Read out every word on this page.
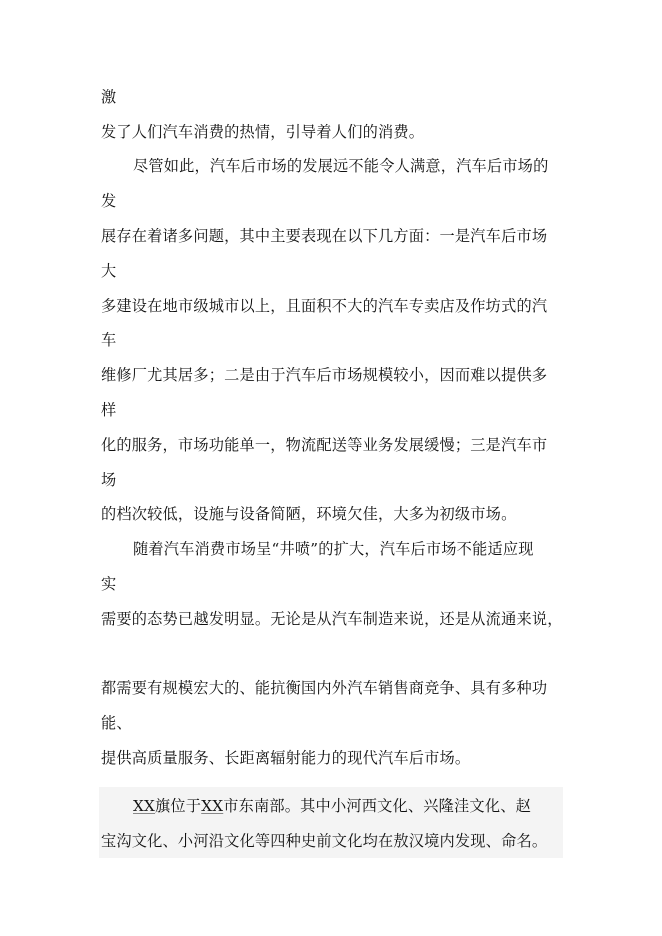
激
发了人们汽车消费的热情，引导着人们的消费。
尽管如此，汽车后市场的发展远不能令人满意，汽车后市场的
发
展存在着诸多问题，其中主要表现在以下几方面：一是汽车后市场
大
多建设在地市级城市以上，且面积不大的汽车专卖店及作坊式的汽
车
维修厂尤其居多；二是由于汽车后市场规模较小，因而难以提供多
样
化的服务，市场功能单一，物流配送等业务发展缓慢；三是汽车市
场
的档次较低，设施与设备简陋，环境欠佳，大多为初级市场。
随着汽车消费市场呈“井喷”的扩大，汽车后市场不能适应现
实
需要的态势已越发明显。无论是从汽车制造来说，还是从流通来说，
都需要有规模宏大的、能抗衡国内外汽车销售商竞争、具有多种功
能、
提供高质量服务、长距离辐射能力的现代汽车后市场。
XX旗位于XX市东南部。其中小河西文化、兴隆洼文化、赵
宝沟文化、小河沿文化等四种史前文化均在敖汉境内发现、命名。
